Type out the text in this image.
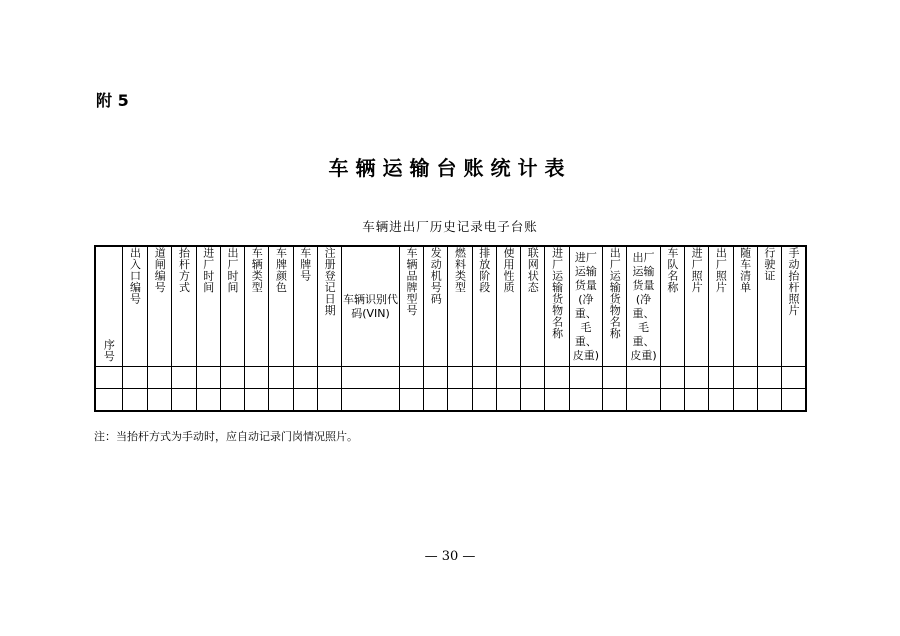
附 5
车辆运输台账统计表
车辆进出厂历史记录电子台账
序号	出入口编号	道闸编号	抬杆方式	进厂时间	出厂时间	车辆类型	车牌颜色	车牌号	注册登记日期	车辆识别代码(VIN)	车辆品牌型号	发动机号码	燃料类型	排放阶段	使用性质	联网状态	进厂运输货物名称	进厂运输货量(净重、毛重、皮重)	出厂运输货物名称	出厂运输货量(净重、毛重、皮重)	车队名称	进厂照片	出厂照片	随车清单	行驶证	手动抬杆照片

注：当抬杆方式为手动时，应自动记录门岗情况照片。
— 30 —
